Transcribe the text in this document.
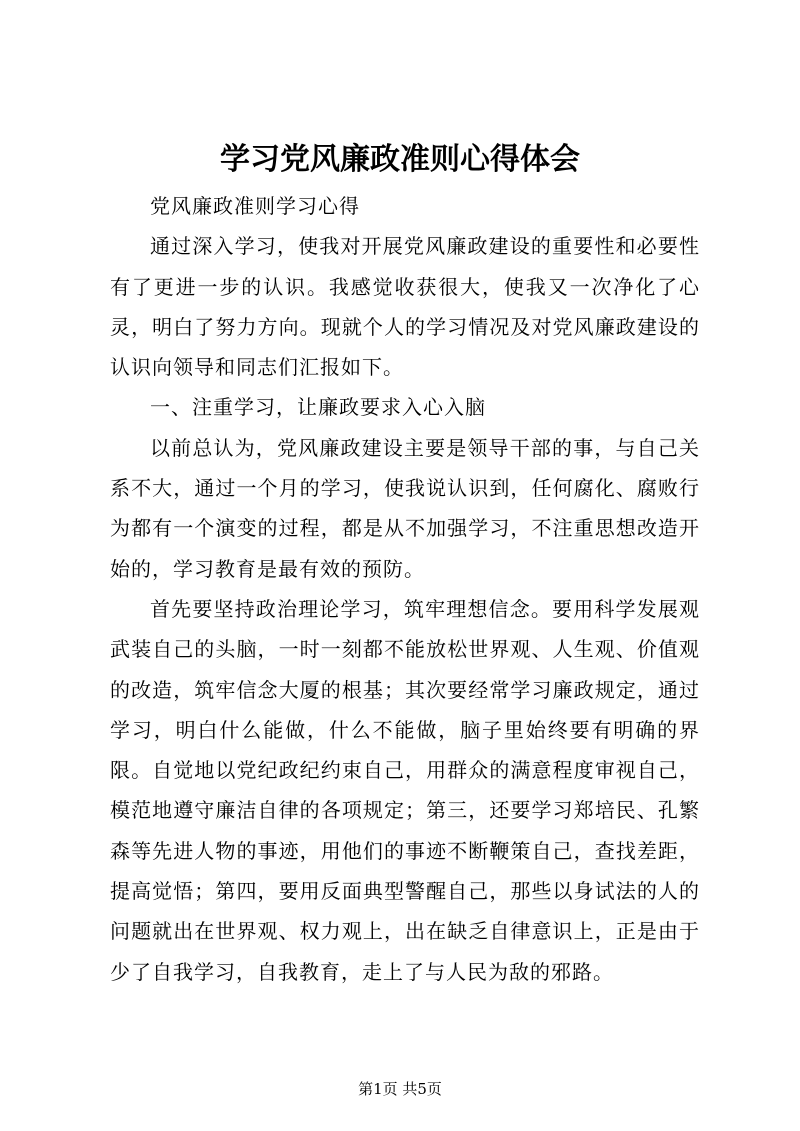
学习党风廉政准则心得体会

党风廉政准则学习心得

通过深入学习，使我对开展党风廉政建设的重要性和必要性有了更进一步的认识。我感觉收获很大，使我又一次净化了心灵，明白了努力方向。现就个人的学习情况及对党风廉政建设的认识向领导和同志们汇报如下。

一、注重学习，让廉政要求入心入脑

以前总认为，党风廉政建设主要是领导干部的事，与自己关系不大，通过一个月的学习，使我说认识到，任何腐化、腐败行为都有一个演变的过程，都是从不加强学习，不注重思想改造开始的，学习教育是最有效的预防。

首先要坚持政治理论学习，筑牢理想信念。要用科学发展观武装自己的头脑，一时一刻都不能放松世界观、人生观、价值观的改造，筑牢信念大厦的根基；其次要经常学习廉政规定，通过学习，明白什么能做，什么不能做，脑子里始终要有明确的界限。自觉地以党纪政纪约束自己，用群众的满意程度审视自己，模范地遵守廉洁自律的各项规定；第三，还要学习郑培民、孔繁森等先进人物的事迹，用他们的事迹不断鞭策自己，查找差距，提高觉悟；第四，要用反面典型警醒自己，那些以身试法的人的问题就出在世界观、权力观上，出在缺乏自律意识上，正是由于少了自我学习，自我教育，走上了与人民为敌的邪路。

第1页 共5页
